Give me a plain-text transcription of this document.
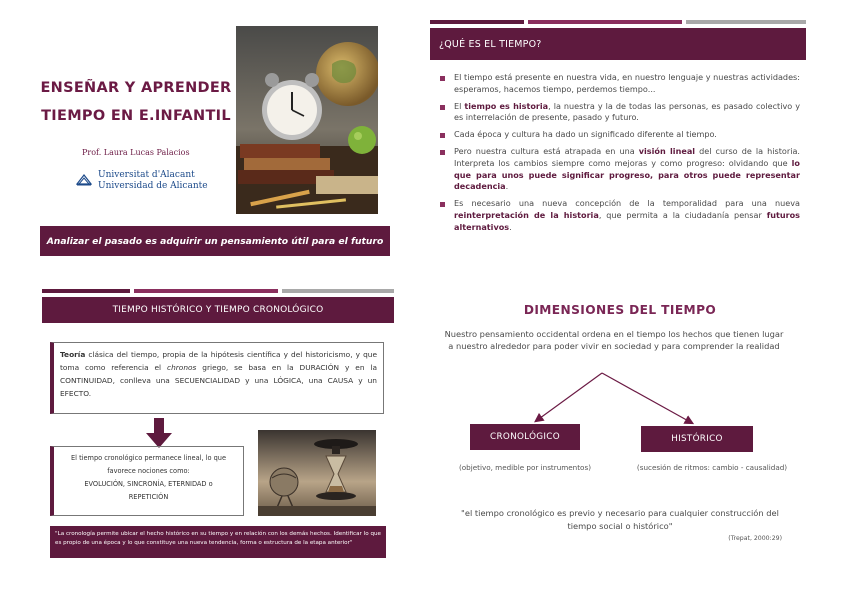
ENSEÑAR Y APRENDER
TIEMPO EN E.INFANTIL
Prof. Laura Lucas Palacios
Universitat d'Alacant
Universidad de Alicante
Analizar el pasado es adquirir un pensamiento útil para el futuro
¿QUÉ ES EL TIEMPO?
El tiempo está presente en nuestra vida, en nuestro lenguaje y nuestras actividades: esperamos, hacemos tiempo, perdemos tiempo...
El tiempo es historia, la nuestra y la de todas las personas, es pasado colectivo y es interrelación de presente, pasado y futuro.
Cada época y cultura ha dado un significado diferente al tiempo.
Pero nuestra cultura está atrapada en una visión lineal del curso de la historia. Interpreta los cambios siempre como mejoras y como progreso: olvidando que lo que para unos puede significar progreso, para otros puede representar decadencia.
Es necesario una nueva concepción de la temporalidad para una nueva reinterpretación de la historia, que permita a la ciudadanía pensar futuros alternativos.
TIEMPO HISTÓRICO Y TIEMPO CRONOLÓGICO
Teoría clásica del tiempo, propia de la hipótesis científica y del historicismo, y que toma como referencia el chronos griego, se basa en la DURACIÓN y en la CONTINUIDAD, conlleva una SECUENCIALIDAD y una LÓGICA, una CAUSA y un EFECTO.
El tiempo cronológico permanece lineal, lo que
favorece nociones como:
EVOLUCIÓN, SINCRONÍA, ETERNIDAD o
REPETICIÓN
"La cronología permite ubicar el hecho histórico en su tiempo y en relación con los demás hechos. Identificar lo que es propio de una época y lo que constituye una nueva tendencia, forma o estructura de la etapa anterior"
DIMENSIONES DEL TIEMPO
Nuestro pensamiento occidental ordena en el tiempo los hechos que tienen lugar a nuestro alrededor para poder vivir en sociedad y para comprender la realidad
CRONOLÓGICO	HISTÓRICO
(objetivo, medible por instrumentos)	(sucesión de ritmos: cambio - causalidad)
"el tiempo cronológico es previo y necesario para cualquier construcción del tiempo social o histórico"
(Trepat, 2000:29)
